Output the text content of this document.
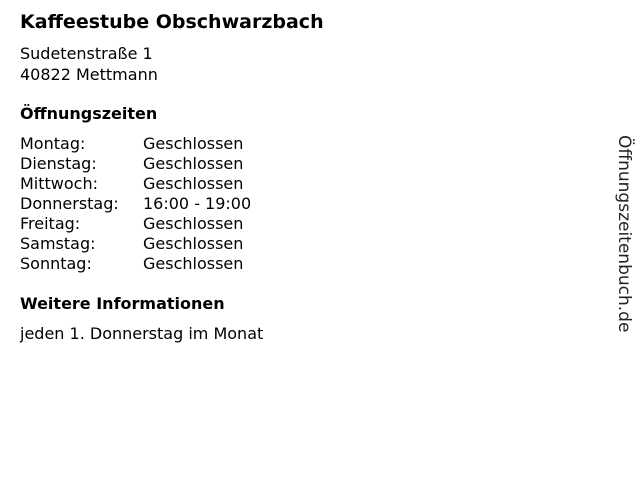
Kaffeestube Obschwarzbach
Sudetenstraße 1
40822 Mettmann
Öffnungszeiten
Montag:	Geschlossen
Dienstag:	Geschlossen
Mittwoch:	Geschlossen
Donnerstag:	16:00 - 19:00
Freitag:	Geschlossen
Samstag:	Geschlossen
Sonntag:	Geschlossen
Weitere Informationen
jeden 1. Donnerstag im Monat
Öffnungszeitenbuch.de
